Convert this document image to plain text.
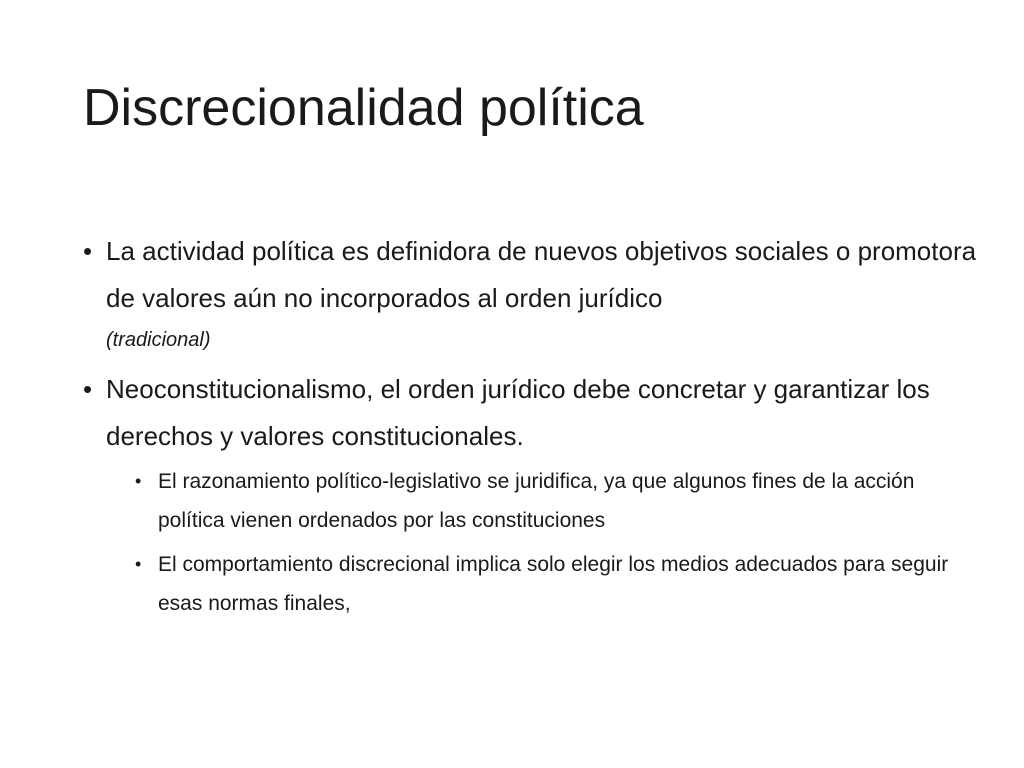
Discrecionalidad política
• La actividad política es definidora de nuevos objetivos sociales o promotora de valores aún no incorporados al orden jurídico
(tradicional)
• Neoconstitucionalismo, el orden jurídico debe concretar y garantizar los derechos y valores constitucionales.
• El razonamiento político-legislativo se juridifica, ya que algunos fines de la acción política vienen ordenados por las constituciones
• El comportamiento discrecional implica solo elegir los medios adecuados para seguir esas normas finales,
